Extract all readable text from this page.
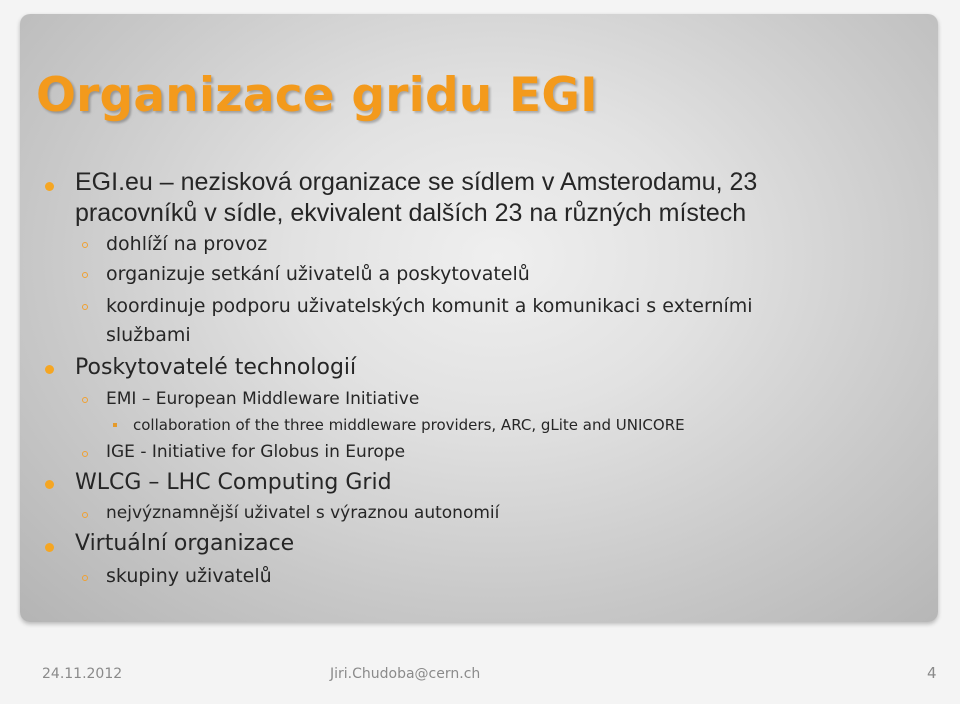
Organizace gridu EGI
EGI.eu – nezisková organizace se sídlem v Amsterodamu, 23
pracovníků v sídle, ekvivalent dalších 23 na různých místech
dohlíží na provoz
organizuje setkání uživatelů a poskytovatelů
koordinuje podporu uživatelských komunit a komunikaci s externími
službami
Poskytovatelé technologií
EMI – European Middleware Initiative
collaboration of the three middleware providers, ARC, gLite and UNICORE
IGE - Initiative for Globus in Europe
WLCG – LHC Computing Grid
nejvýznamnější uživatel s výraznou autonomií
Virtuální organizace
skupiny uživatelů
24.11.2012	Jiri.Chudoba@cern.ch	4
